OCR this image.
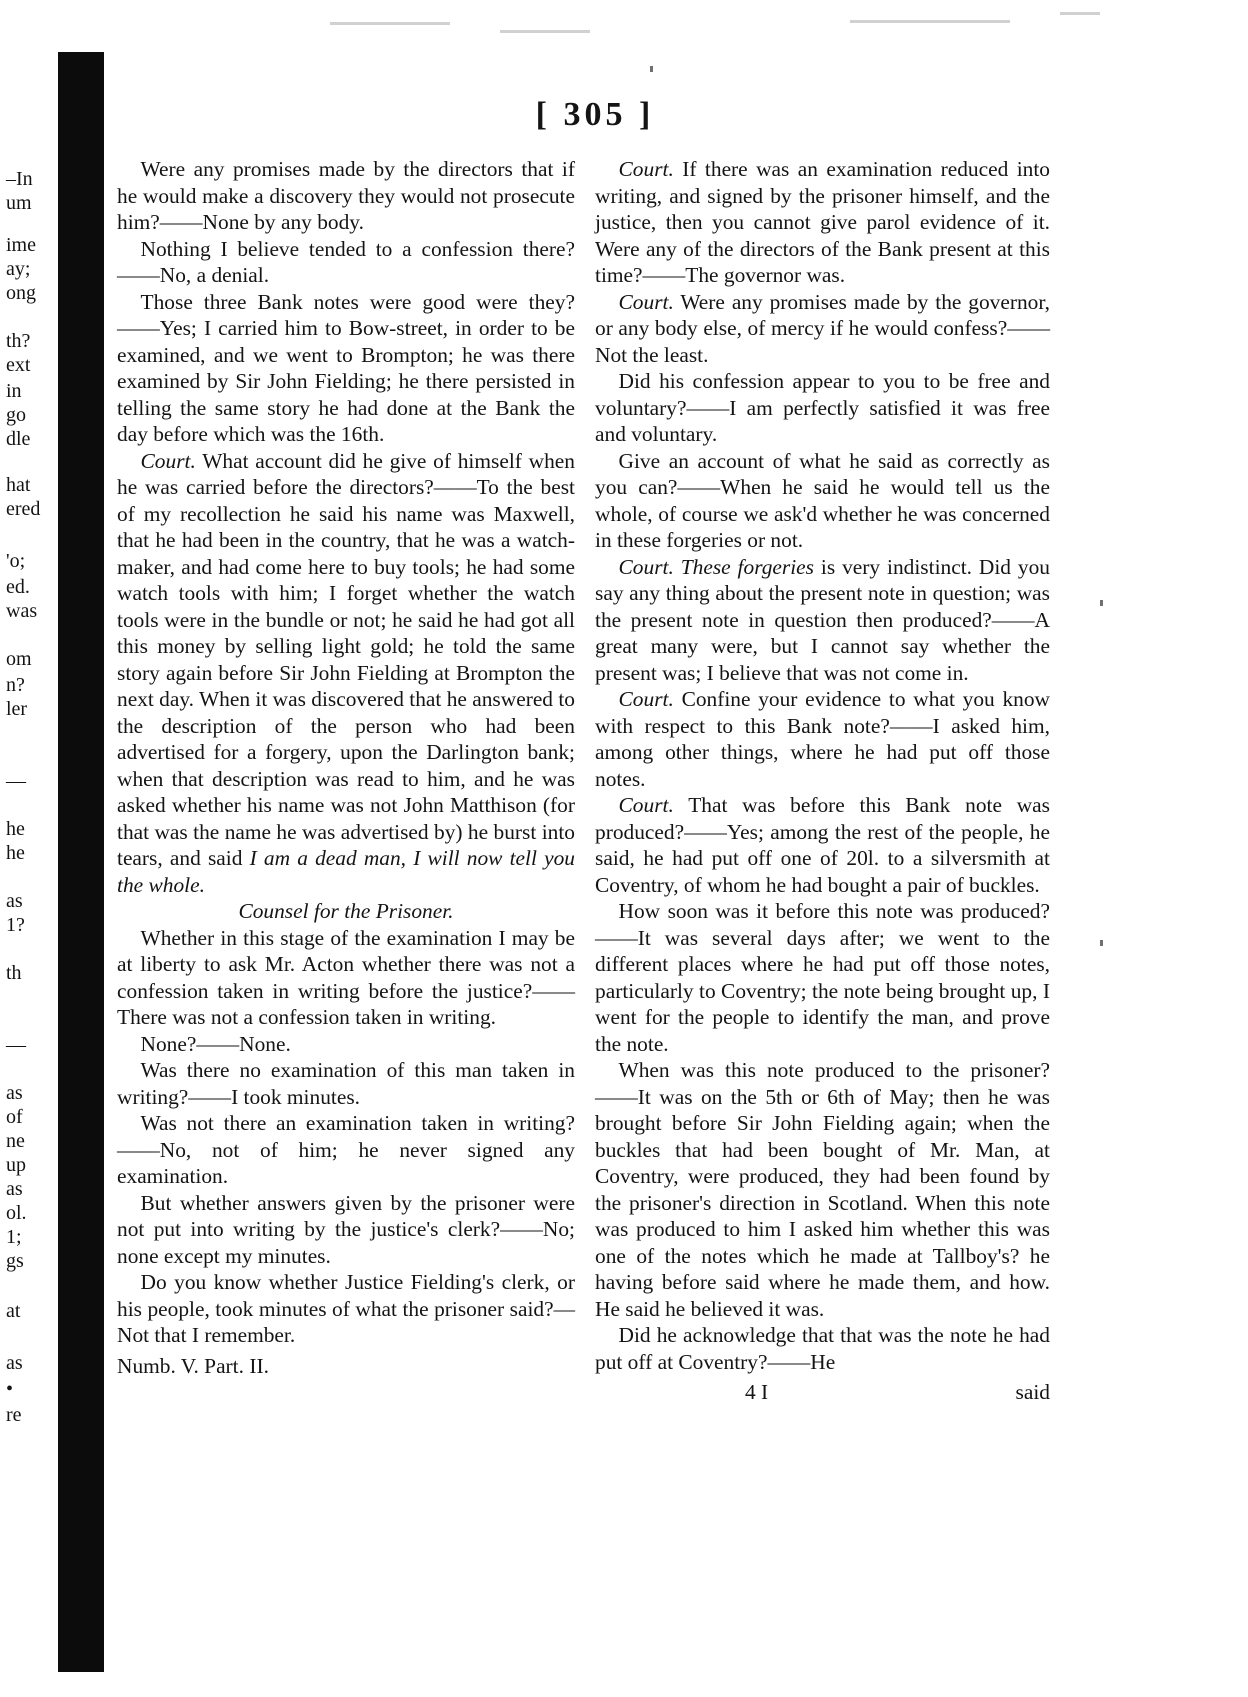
–In
um
ime
ay;
ong
th?
ext
in
go
dle
hat
ered
'o;
ed.
was
om
n?
ler
—
he
he
as
1?
th
—
as
of
ne
up
as
ol.
1;
gs
at
as
•
re
[ 305 ]

Were any promises made by the directors that if he would make a discovery they would not prosecute him?——None by any body.

Nothing I believe tended to a confession there?——No, a denial.

Those three Bank notes were good were they?——Yes; I carried him to Bow-street, in order to be examined, and we went to Brompton; he was there examined by Sir John Fielding; he there persisted in telling the same story he had done at the Bank the day before which was the 16th.

Court. What account did he give of himself when he was carried before the directors?——To the best of my recollection he said his name was Maxwell, that he had been in the country, that he was a watch-maker, and had come here to buy tools; he had some watch tools with him; I forget whether the watch tools were in the bundle or not; he said he had got all this money by selling light gold; he told the same story again before Sir John Fielding at Brompton the next day. When it was discovered that he answered to the description of the person who had been advertised for a forgery, upon the Darlington bank; when that description was read to him, and he was asked whether his name was not John Matthison (for that was the name he was advertised by) he burst into tears, and said I am a dead man, I will now tell you the whole.

Counsel for the Prisoner.

Whether in this stage of the examination I may be at liberty to ask Mr. Acton whether there was not a confession taken in writing before the justice?——There was not a confession taken in writing.

None?——None.

Was there no examination of this man taken in writing?——I took minutes.

Was not there an examination taken in writing?——No, not of him; he never signed any examination.

But whether answers given by the prisoner were not put into writing by the justice's clerk?——No; none except my minutes.

Do you know whether Justice Fielding's clerk, or his people, took minutes of what the prisoner said?—Not that I remember.

Numb. V. Part. II.

Court. If there was an examination reduced into writing, and signed by the prisoner himself, and the justice, then you cannot give parol evidence of it. Were any of the directors of the Bank present at this time?——The governor was.

Court. Were any promises made by the governor, or any body else, of mercy if he would confess?——Not the least.

Did his confession appear to you to be free and voluntary?——I am perfectly satisfied it was free and voluntary.

Give an account of what he said as correctly as you can?——When he said he would tell us the whole, of course we ask'd whether he was concerned in these forgeries or not.

Court. These forgeries is very indistinct. Did you say any thing about the present note in question; was the present note in question then produced?——A great many were, but I cannot say whether the present was; I believe that was not come in.

Court. Confine your evidence to what you know with respect to this Bank note?——I asked him, among other things, where he had put off those notes.

Court. That was before this Bank note was produced?——Yes; among the rest of the people, he said, he had put off one of 20l. to a silversmith at Coventry, of whom he had bought a pair of buckles.

How soon was it before this note was produced?——It was several days after; we went to the different places where he had put off those notes, particularly to Coventry; the note being brought up, I went for the people to identify the man, and prove the note.

When was this note produced to the prisoner?——It was on the 5th or 6th of May; then he was brought before Sir John Fielding again; when the buckles that had been bought of Mr. Man, at Coventry, were produced, they had been found by the prisoner's direction in Scotland. When this note was produced to him I asked him whether this was one of the notes which he made at Tallboy's? he having before said where he made them, and how. He said he believed it was.

Did he acknowledge that that was the note he had put off at Coventry?——He

4 I	said
